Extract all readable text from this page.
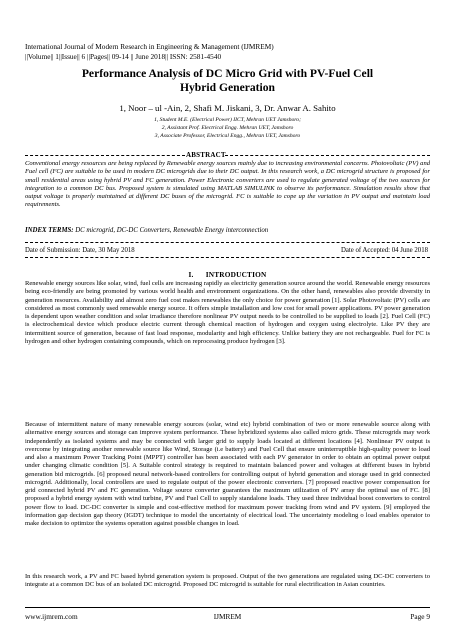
International Journal of Modern Research in Engineering & Management (IJMREM)
||Volume|| 1||Issue|| 6 ||Pages|| 09-14 || June 2018|| ISSN: 2581-4540
Performance Analysis of DC Micro Grid with PV-Fuel Cell
Hybrid Generation
1, Noor – ul -Ain, 2, Shafi M. Jiskani, 3, Dr. Anwar A. Sahito
1, Student M.E. (Electrical Power) IICT, Mehran UET Jamshoro;
2, Assistant Prof. Electrical Engg. Mehran UET, Jamshoro
3, Associate Professor, Electrical Engg., Mehran UET, Jamshoro
ABSTRACT
Conventional energy resources are being replaced by Renewable energy sources mainly due to increasing environmental concerns. Photovoltaic (PV) and Fuel cell (FC) are suitable to be used in modern DC microgrids due to their DC output. In this research work, a DC microgrid structure is proposed for small residential areas using hybrid PV and FC generation. Power Electronic converters are used to regulate generated voltage of the two sources for integration to a common DC bus. Proposed system is simulated using MATLAB SIMULINK to observe its performance. Simulation results show that output voltage is properly maintained at different DC buses of the microgrid. FC is suitable to cope up the variation in PV output and maintain load requirements.
INDEX TERMS: DC microgrid, DC-DC Converters, Renewable Energy interconnection
Date of Submission: Date, 30 May 2018	Date of Accepted: 04 June 2018
I.      INTRODUCTION
Renewable energy sources like solar, wind, fuel cells are increasing rapidly as electricity generation source around the world. Renewable energy resources being eco-friendly are being promoted by various world health and environment organizations. On the other hand, renewables also provide diversity in generation resources. Availability and almost zero fuel cost makes renewables the only choice for power generation [1]. Solar Photovoltaic (PV) cells are considered as most commonly used renewable energy source. It offers simple installation and low cost for small power applications. PV power generation is dependent upon weather condition and solar irradiance therefore nonlinear PV output needs to be controlled to be supplied to loads [2]. Fuel Cell (FC) is electrochemical device which produce electric current through chemical reaction of hydrogen and oxygen using electrolyte. Like PV they are intermittent source of generation, because of fast load response, modularity and high efficiency. Unlike battery they are not rechargeable. Fuel for FC is hydrogen and other hydrogen containing compounds, which on reprocessing produce hydrogen [3].
Because of intermittent nature of many renewable energy sources (solar, wind etc) hybrid combination of two or more renewable source along with alternative energy sources and storage can improve system performance. These hybridized systems also called micro grids. These microgrids may work independently as isolated systems and may be connected with larger grid to supply loads located at different locations [4]. Nonlinear PV output is overcome by integrating another renewable source like Wind, Storage (i.e battery) and Fuel Cell that ensure uninterruptible high-quality power to load and also a maximum Power Tracking Point (MPPT) controller has been associated with each PV generator in order to obtain an optimal power output under changing climatic condition [5]. A Suitable control strategy is required to maintain balanced power and voltages at different buses in hybrid generation bid microgrids. [6] proposed neural network-based controllers for controlling output of hybrid generation and storage used in grid connected microgrid. Additionally, local controllers are used to regulate output of the power electronic converters. [7] proposed reactive power compensation for grid connected hybrid PV and FC generation. Voltage source converter guarantees the maximum utilization of PV array the optimal use of FC. [8] proposed a hybrid energy system with wind turbine, PV and Fuel Cell to supply standalone loads. They used three individual boost converters to control power flow to load. DC-DC converter is simple and cost-effective method for maximum power tracking from wind and PV system. [9] employed the information gap decision gap theory (IGDT) technique to model the uncertainty of electrical load. The uncertainty modeling o load enables operator to make decision to optimize the systems operation against possible changes in load.
In this research work, a PV and FC based hybrid generation system is proposed. Output of the two generations are regulated using DC-DC converters to integrate at a common DC bus of an isolated DC microgrid. Proposed DC microgrid is suitable for rural electrification in Asian countries.
www.ijmrem.com	IJMREM	Page 9
